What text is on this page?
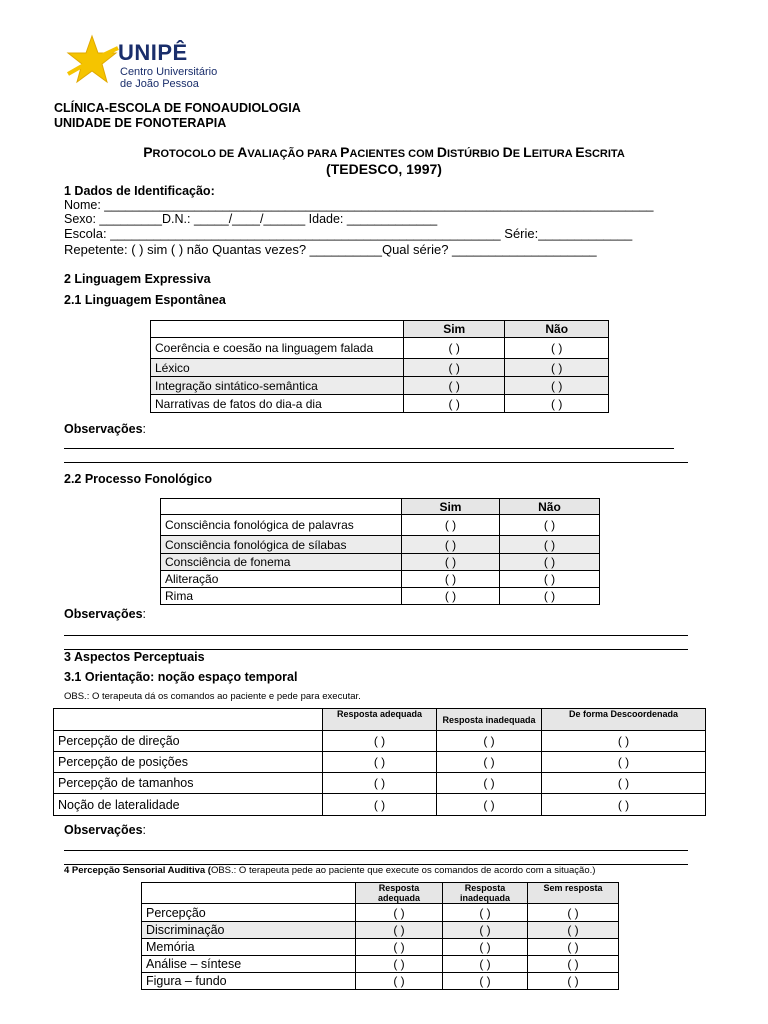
UNIPÊ
Centro Universitário
de João Pessoa
CLÍNICA-ESCOLA DE FONOAUDIOLOGIA
UNIDADE DE FONOTERAPIA
PROTOCOLO DE AVALIAÇÃO PARA PACIENTES COM DISTÚRBIO DE LEITURA ESCRITA
(TEDESCO, 1997)
1 Dados de Identificação:
Nome: _______________________________________________________________________________
Sexo: _________D.N.: _____/____/______ Idade: _____________
Escola: ______________________________________________________ Série:_____________
Repetente: ( ) sim ( ) não Quantas vezes? __________Qual série? ____________________
2 Linguagem Expressiva
2.1 Linguagem Espontânea
	Sim	Não
Coerência e coesão na linguagem falada	( )	( )
Léxico	( )	( )
Integração sintático-semântica	( )	( )
Narrativas de fatos do dia-a dia	( )	( )
Observações:
2.2 Processo Fonológico
	Sim	Não
Consciência fonológica de palavras	( )	( )
Consciência fonológica de sílabas	( )	( )
Consciência de fonema	( )	( )
Aliteração	( )	( )
Rima	( )	( )
Observações:
3 Aspectos Perceptuais
3.1 Orientação: noção espaço temporal
OBS.: O terapeuta dá os comandos ao paciente e pede para executar.
	Resposta adequada	Resposta inadequada	De forma Descoordenada
Percepção de direção	( )	( )	( )
Percepção de posições	( )	( )	( )
Percepção de tamanhos	( )	( )	( )
Noção de lateralidade	( )	( )	( )
Observações:
4 Percepção Sensorial Auditiva (OBS.: O terapeuta pede ao paciente que execute os comandos de acordo com a situação.)
	Resposta adequada	Resposta inadequada	Sem resposta
Percepção	( )	( )	( )
Discriminação	( )	( )	( )
Memória	( )	( )	( )
Análise – síntese	( )	( )	( )
Figura – fundo	( )	( )	( )
